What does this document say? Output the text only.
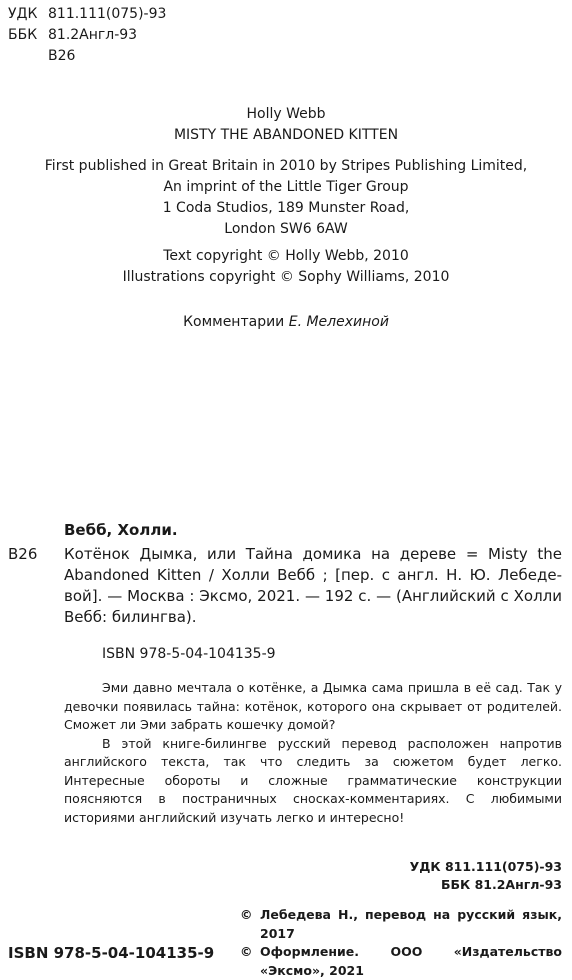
УДК 811.111(075)-93
ББК 81.2Англ-93
В26
Holly Webb
MISTY THE ABANDONED KITTEN
First published in Great Britain in 2010 by Stripes Publishing Limited,
An imprint of the Little Tiger Group
1 Coda Studios, 189 Munster Road,
London SW6 6AW
Text copyright © Holly Webb, 2010
Illustrations copyright © Sophy Williams, 2010
Комментарии Е. Мелехиной
Вебб, Холли.
В26 Котёнок Дымка, или Тайна домика на дереве = Misty the Abandoned Kitten / Холли Вебб ; [пер. с англ. Н. Ю. Лебедевой]. — Москва : Эксмо, 2021. — 192 с. — (Английский с Холли Вебб: билингва).
ISBN 978-5-04-104135-9

Эми давно мечтала о котёнке, а Дымка сама пришла в её сад. Так у девочки появилась тайна: котёнок, которого она скрывает от родителей. Сможет ли Эми забрать кошечку домой?

В этой книге-билингве русский перевод расположен напротив английского текста, так что следить за сюжетом будет легко. Интересные обороты и сложные грамматические конструкции поясняются в постраничных сносках-комментариях. С любимыми историями английский изучать легко и интересно!

УДК 811.111(075)-93
ББК 81.2Англ-93
© Лебедева Н., перевод на русский язык, 2017
© Оформление. ООО «Издательство «Эксмо», 2021
ISBN 978-5-04-104135-9
